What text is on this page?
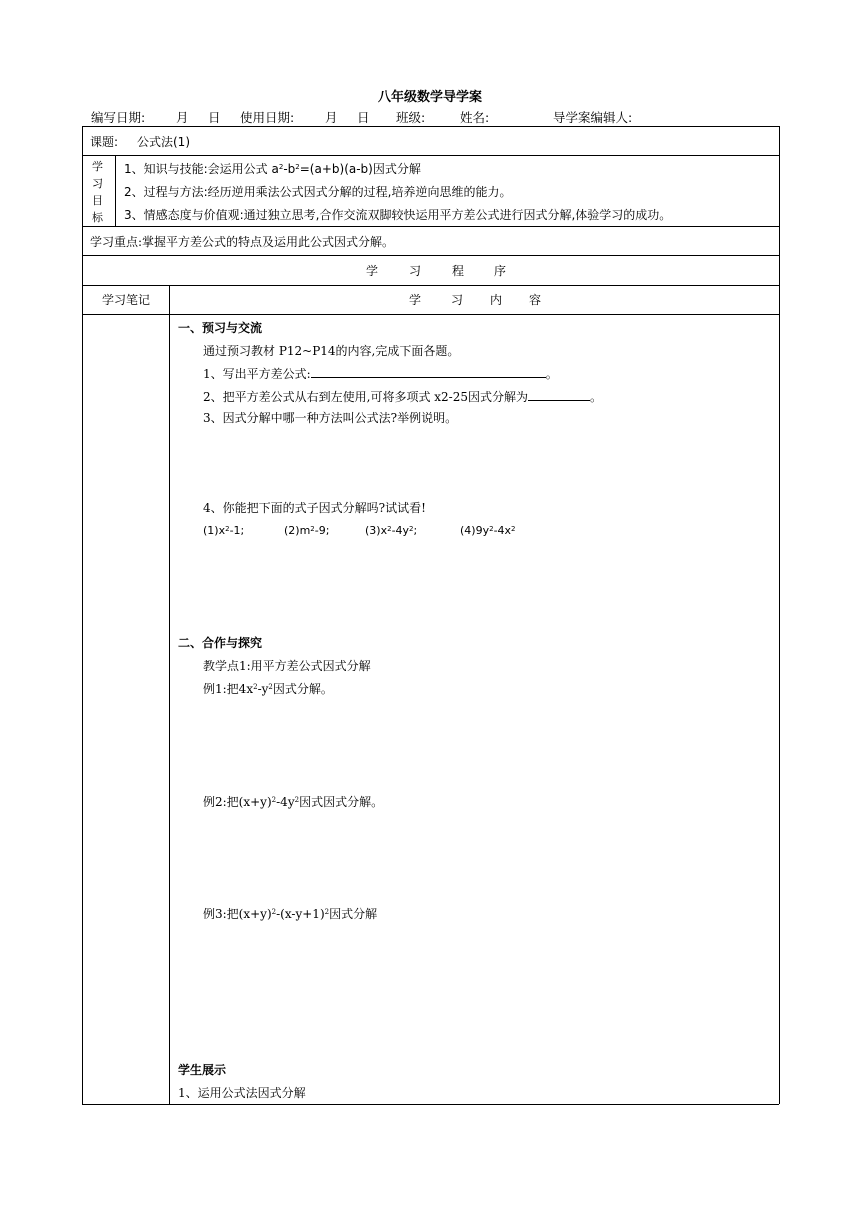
八年级数学导学案
编写日期: 月 日 使用日期: 月 日 班级:	姓名:	导学案编辑人:
课题: 公式法(1)
学
习
目
标
1、知识与技能:会运用公式 $a^2-b^2=(a+b)(a-b)$因式分解
2、过程与方法:经历逆用乘法公式因式分解的过程,培养逆向思维的能力。
3、情感态度与价值观:通过独立思考,合作交流双脚较快运用平方差公式进行因式分解,体验学习的成功。
学习重点:掌握平方差公式的特点及运用此公式因式分解。
学	习	程 序
学习笔记	学 习 内 容
一、预习与交流
通过预习教材 P12~P14的内容,完成下面各题。
1、写出平方差公式:	。
2、把平方差公式从右到左使用,可将多项式 x2-25因式分解为	。
3、因式分解中哪一种方法叫公式法?举例说明。
4、你能把下面的式子因式分解吗?试试看!
$(1)x^2-1$;	$(2)m^2-9$;	$(3)x^2-4y^2$;	$(4)9y^2-4x^2$
二、合作与探究
教学点1:用平方差公式因式分解
例1:把$4x^2-y^2$因式分解。
例2:把$(x+y)^2-4y^2$因式因式分解。
例3:把$(x+y)^2-(x-y+1)^2$因式分解
学生展示
1、运用公式法因式分解
